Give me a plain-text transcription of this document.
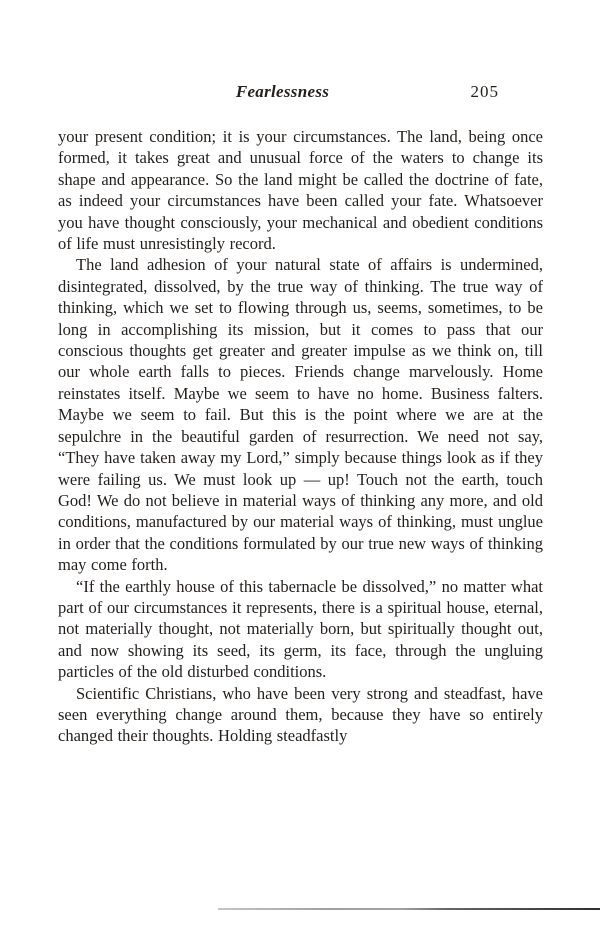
Fearlessness	205

your present condition; it is your circumstances. The land, being once formed, it takes great and unusual force of the waters to change its shape and appearance. So the land might be called the doctrine of fate, as indeed your circumstances have been called your fate. Whatsoever you have thought consciously, your mechanical and obedient conditions of life must unresistingly record.

The land adhesion of your natural state of affairs is undermined, disintegrated, dissolved, by the true way of thinking. The true way of thinking, which we set to flowing through us, seems, sometimes, to be long in accomplishing its mission, but it comes to pass that our conscious thoughts get greater and greater impulse as we think on, till our whole earth falls to pieces. Friends change marvelously. Home reinstates itself. Maybe we seem to have no home. Business falters. Maybe we seem to fail. But this is the point where we are at the sepulchre in the beautiful garden of resurrection. We need not say, “They have taken away my Lord,” simply because things look as if they were failing us. We must look up — up! Touch not the earth, touch God! We do not believe in material ways of thinking any more, and old conditions, manufactured by our material ways of thinking, must unglue in order that the conditions formulated by our true new ways of thinking may come forth.

“If the earthly house of this tabernacle be dissolved,” no matter what part of our circumstances it represents, there is a spiritual house, eternal, not materially thought, not materially born, but spiritually thought out, and now showing its seed, its germ, its face, through the ungluing particles of the old disturbed conditions.

Scientific Christians, who have been very strong and steadfast, have seen everything change around them, because they have so entirely changed their thoughts. Holding steadfastly
